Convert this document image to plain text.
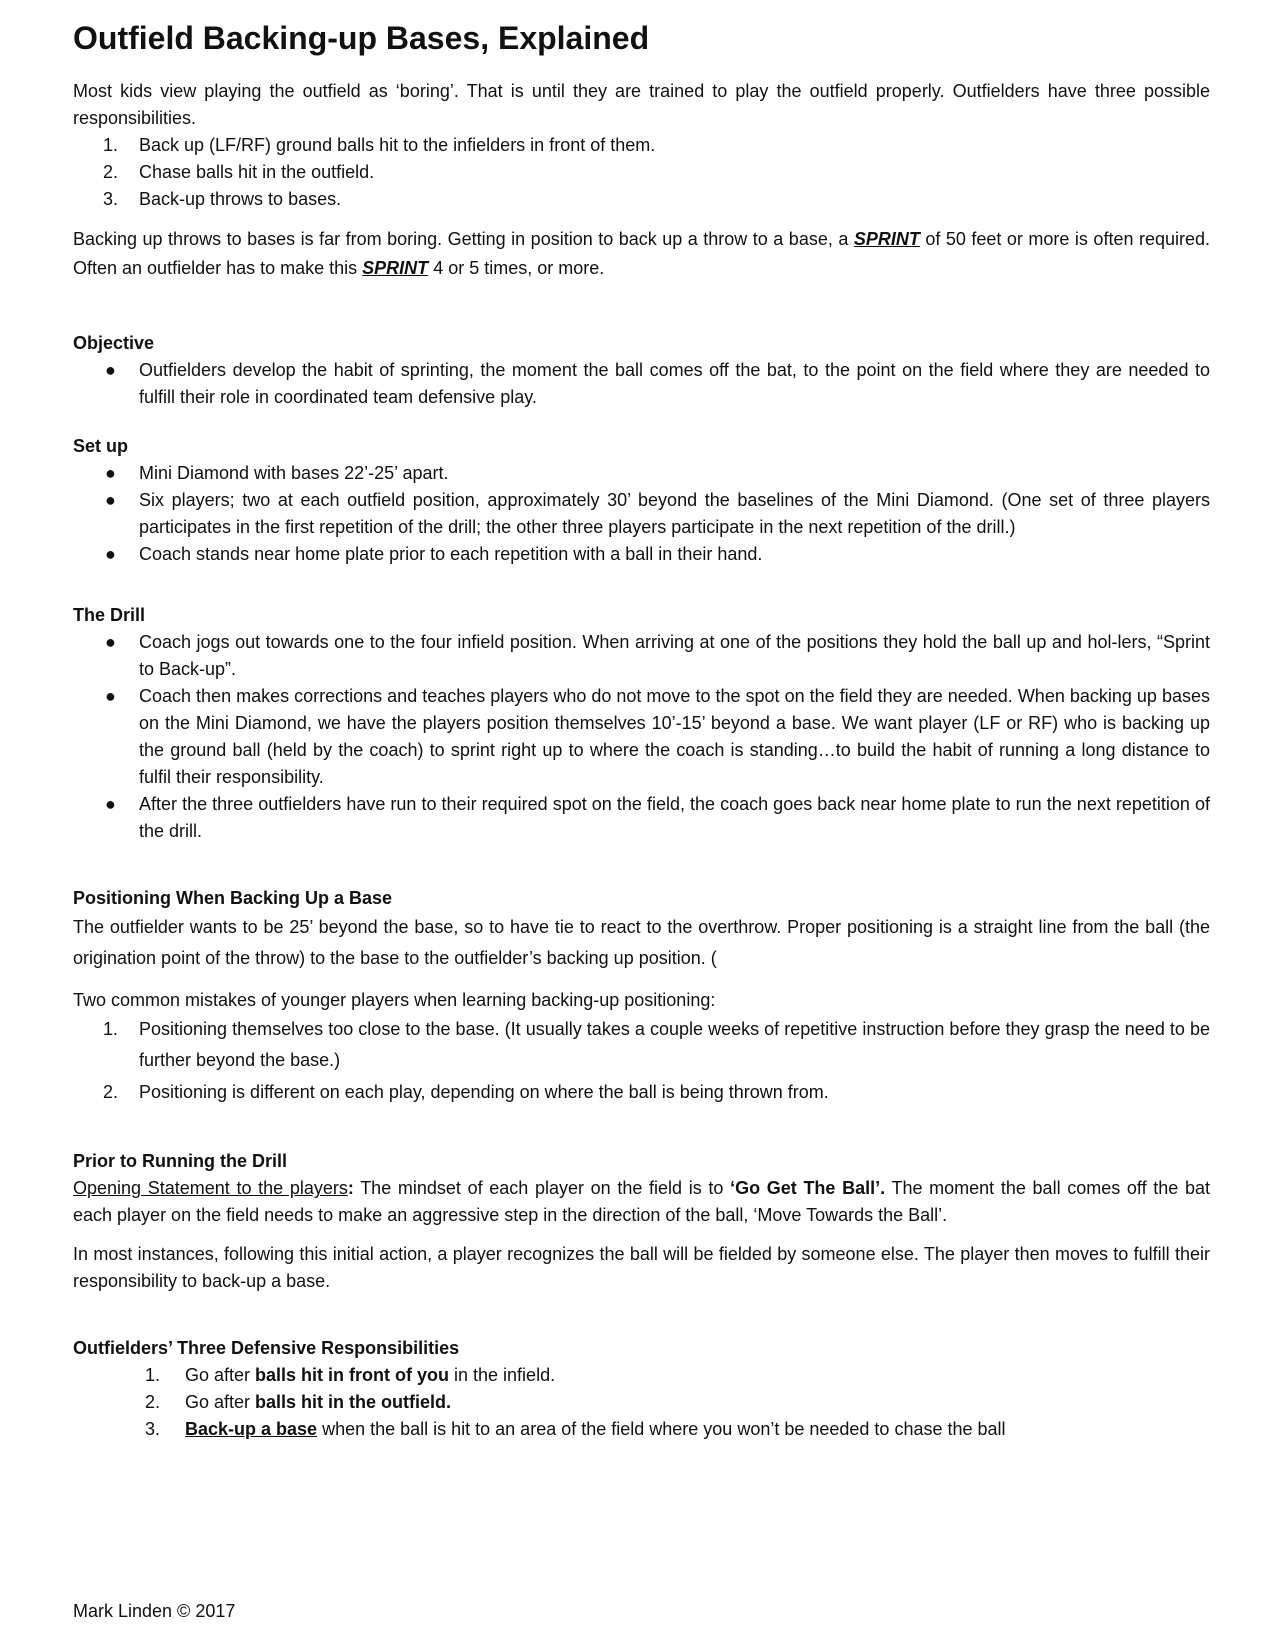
Outfield Backing-up Bases, Explained

Most kids view playing the outfield as ‘boring’. That is until they are trained to play the outfield properly. Outfielders have three possible responsibilities.

1. Back up (LF/RF) ground balls hit to the infielders in front of them.
2. Chase balls hit in the outfield.
3. Back-up throws to bases.

Backing up throws to bases is far from boring. Getting in position to back up a throw to a base, a SPRINT of 50 feet or more is often required. Often an outfielder has to make this SPRINT 4 or 5 times, or more.

Objective
● Outfielders develop the habit of sprinting, the moment the ball comes off the bat, to the point on the field where they are needed to fulfill their role in coordinated team defensive play.
Set up
● Mini Diamond with bases 22’-25’ apart.
● Six players; two at each outfield position, approximately 30’ beyond the baselines of the Mini Diamond. (One set of three players participates in the first repetition of the drill; the other three players participate in the next repetition of the drill.)
● Coach stands near home plate prior to each repetition with a ball in their hand.
The Drill
● Coach jogs out towards one to the four infield position. When arriving at one of the positions they hold the ball up and hol-lers, “Sprint to Back-up”.
● Coach then makes corrections and teaches players who do not move to the spot on the field they are needed. When backing up bases on the Mini Diamond, we have the players position themselves 10’-15’ beyond a base. We want player (LF or RF) who is backing up the ground ball (held by the coach) to sprint right up to where the coach is standing…to build the habit of running a long distance to fulfil their responsibility.
● After the three outfielders have run to their required spot on the field, the coach goes back near home plate to run the next repetition of the drill.
Positioning When Backing Up a Base

The outfielder wants to be 25’ beyond the base, so to have tie to react to the overthrow. Proper positioning is a straight line from the ball (the origination point of the throw) to the base to the outfielder’s backing up position. (

Two common mistakes of younger players when learning backing-up positioning:

1. Positioning themselves too close to the base. (It usually takes a couple weeks of repetitive instruction before they grasp the need to be further beyond the base.)
2. Positioning is different on each play, depending on where the ball is being thrown from.
Prior to Running the Drill

Opening Statement to the players: The mindset of each player on the field is to ‘Go Get The Ball’. The moment the ball comes off the bat each player on the field needs to make an aggressive step in the direction of the ball, ‘Move Towards the Ball’.

In most instances, following this initial action, a player recognizes the ball will be fielded by someone else. The player then moves to fulfill their responsibility to back-up a base.

Outfielders’ Three Defensive Responsibilities
1. Go after balls hit in front of you in the infield.
2. Go after balls hit in the outfield.
3. Back-up a base when the ball is hit to an area of the field where you won’t be needed to chase the ball
Mark Linden © 2017
